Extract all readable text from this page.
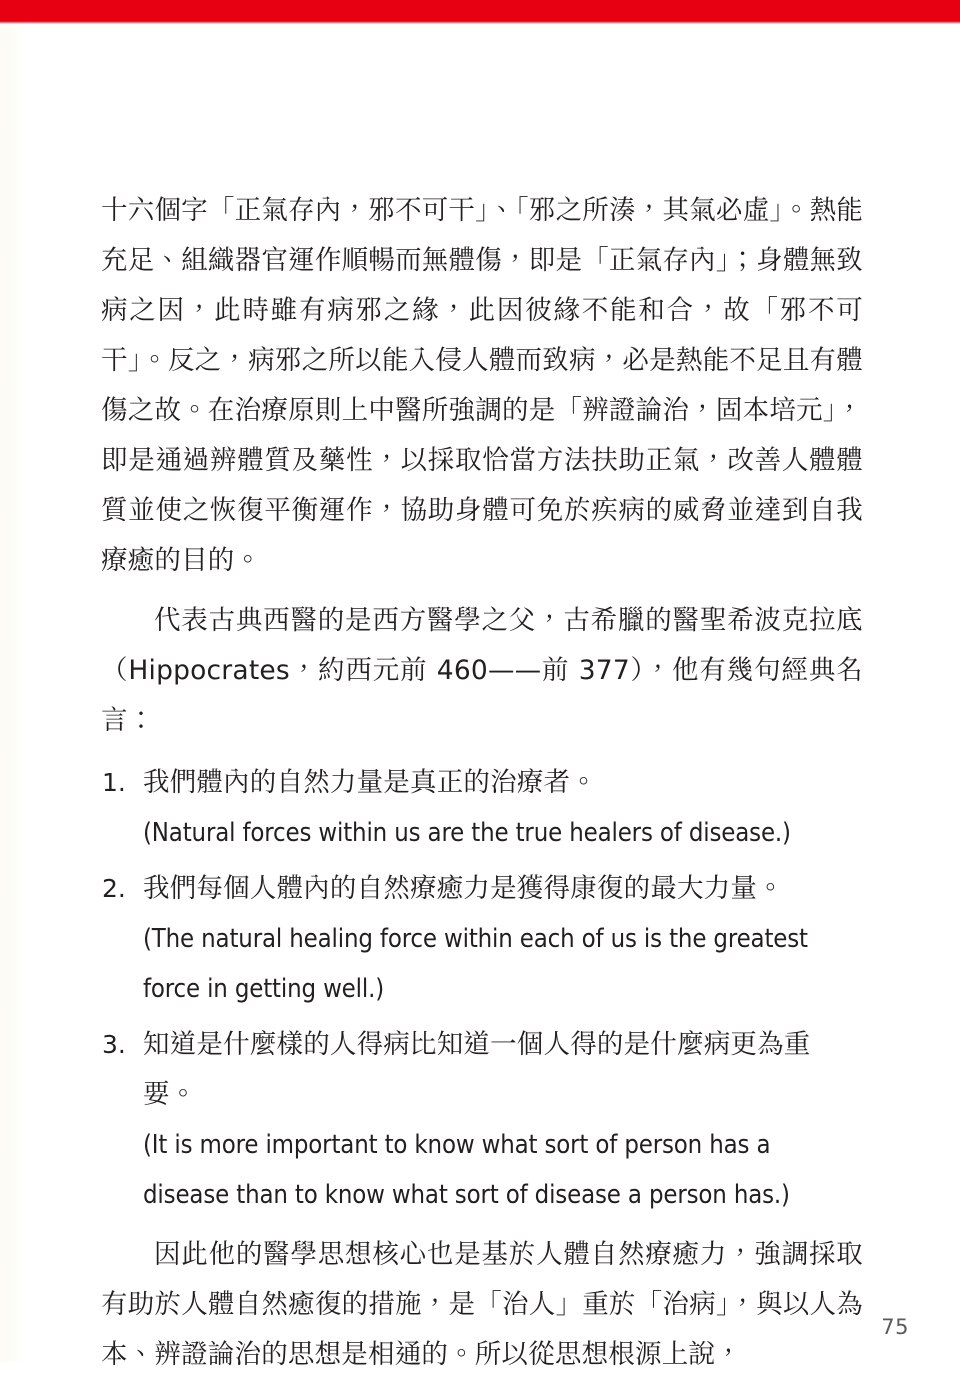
十六個字「正氣存內，邪不可干」、「邪之所湊，其氣必虛」。熱能充足、組織器官運作順暢而無體傷，即是「正氣存內」；身體無致病之因，此時雖有病邪之緣，此因彼緣不能和合，故「邪不可干」。反之，病邪之所以能入侵人體而致病，必是熱能不足且有體傷之故。在治療原則上中醫所強調的是「辨證論治，固本培元」，即是通過辨體質及藥性，以採取恰當方法扶助正氣，改善人體體質並使之恢復平衡運作，協助身體可免於疾病的威脅並達到自我療癒的目的。

代表古典西醫的是西方醫學之父，古希臘的醫聖希波克拉底（Hippocrates，約西元前 460——前 377），他有幾句經典名言：

1. 我們體內的自然力量是真正的治療者。
(Natural forces within us are the true healers of disease.)
2. 我們每個人體內的自然療癒力是獲得康復的最大力量。
(The natural healing force within each of us is the greatest force in getting well.)
3. 知道是什麼樣的人得病比知道一個人得的是什麼病更為重要。
(It is more important to know what sort of person has a disease than to know what sort of disease a person has.)

因此他的醫學思想核心也是基於人體自然療癒力，強調採取有助於人體自然癒復的措施，是「治人」重於「治病」，與以人為本、辨證論治的思想是相通的。所以從思想根源上說，

75
